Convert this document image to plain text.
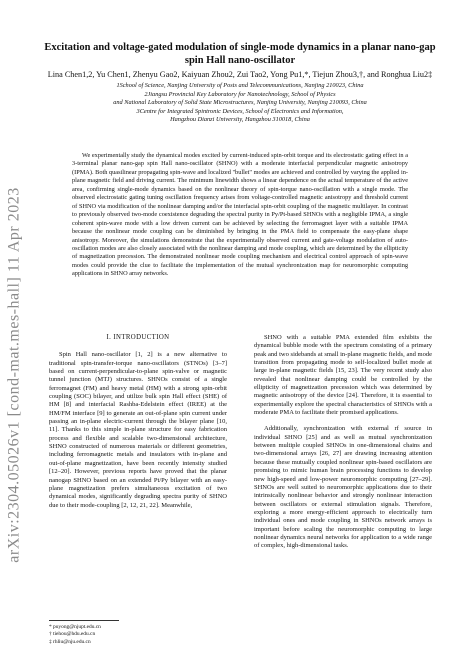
arXiv:2304.05026v1 [cond-mat.mes-hall] 11 Apr 2023
Excitation and voltage-gated modulation of single-mode dynamics in a planar nano-gap spin Hall nano-oscillator
Lina Chen1,2, Yu Chen1, Zhenyu Gao2, Kaiyuan Zhou2, Zui Tao2, Yong Pu1,*, Tiejun Zhou3,†, and Ronghua Liu2‡
1School of Science, Nanjing University of Posts and Telecommunications, Nanjing 210023, China
2Jiangsu Provincial Key Laboratory for Nanotechnology, School of Physics
and National Laboratory of Solid State Microstructures, Nanjing University, Nanjing 210093, China
3Centre for Integrated Spintronic Devices, School of Electronics and Information,
Hangzhou Dianzi University, Hangzhou 310018, China

We experimentally study the dynamical modes excited by current-induced spin-orbit torque and its electrostatic gating effect in a 3-terminal planar nano-gap spin Hall nano-oscillator (SHNO) with a moderate interfacial perpendicular magnetic anisotropy (IPMA). Both quasilinear propagating spin-wave and localized "bullet" modes are achieved and controlled by varying the applied in-plane magnetic field and driving current. The minimum linewidth shows a linear dependence on the actual temperature of the active area, confirming single-mode dynamics based on the nonlinear theory of spin-torque nano-oscillation with a single mode. The observed electrostatic gating tuning oscillation frequency arises from voltage-controlled magnetic anisotropy and threshold current of SHNO via modification of the nonlinear damping and/or the interfacial spin-orbit coupling of the magnetic multilayer. In contrast to previously observed two-mode coexistence degrading the spectral purity in Py/Pt-based SHNOs with a negligible IPMA, a single coherent spin-wave mode with a low driven current can be achieved by selecting the ferromagnet layer with a suitable IPMA because the nonlinear mode coupling can be diminished by bringing in the PMA field to compensate the easy-plane shape anisotropy. Moreover, the simulations demonstrate that the experimentally observed current and gate-voltage modulation of auto-oscillation modes are also closely associated with the nonlinear damping and mode coupling, which are determined by the ellipticity of magnetization precession. The demonstrated nonlinear mode coupling mechanism and electrical control approach of spin-wave modes could provide the clue to facilitate the implementation of the mutual synchronization map for neuromorphic computing applications in SHNO array networks.

I. INTRODUCTION

Spin Hall nano-oscillator [1, 2] is a new alternative to traditional spin-transfer-torque nano-oscillators (STNOs) [3–7] based on current-perpendicular-to-plane spin-valve or magnetic tunnel junction (MTJ) structures. SHNOs consist of a single ferromagnet (FM) and heavy metal (HM) with a strong spin-orbit coupling (SOC) bilayer, and utilize bulk spin Hall effect (SHE) of HM [8] and interfacial Rashba-Edelstein effect (IREE) at the HM/FM interface [9] to generate an out-of-plane spin current under passing an in-plane electric-current through the bilayer plane [10, 11]. Thanks to this simple in-plane structure for easy fabrication process and flexible and scalable two-dimensional architecture, SHNO constructed of numerous materials or different geometries, including ferromagnetic metals and insulators with in-plane and out-of-plane magnetization, have been recently intensity studied [12–20]. However, previous reports have proved that the planar nanogap SHNO based on an extended Pt/Py bilayer with an easy-plane magnetization prefers simultaneous excitation of two dynamical modes, significantly degrading spectra purity of SHNO due to their mode-coupling [2, 12, 21, 22]. Meanwhile,

SHNO with a suitable PMA extended film exhibits the dynamical bubble mode with the spectrum consisting of a primary peak and two sidebands at small in-plane magnetic fields, and mode transition from propagating mode to self-localized bullet mode at large in-plane magnetic fields [15, 23]. The very recent study also revealed that nonlinear damping could be controlled by the ellipticity of magnetization precession which was determined by magnetic anisotropy of the device [24]. Therefore, it is essential to experimentally explore the spectral characteristics of SHNOs with a moderate PMA to facilitate their promised applications.

Additionally, synchronization with external rf source in individual SHNO [25] and as well as mutual synchronization between multiple coupled SHNOs in one-dimensional chains and two-dimensional arrays [26, 27] are drawing increasing attention because these mutually coupled nonlinear spin-based oscillators are promising to mimic human brain processing functions to develop new high-speed and low-power neuromorphic computing [27–29]. SHNOs are well suited to neuromorphic applications due to their intrinsically nonlinear behavior and strongly nonlinear interaction between oscillators or external stimulation signals. Therefore, exploring a more energy-efficient approach to electrically turn individual ones and mode coupling in SHNOs network arrays is important before scaling the neuromorphic computing to large nonlinear dynamics neural networks for application to a wide range of complex, high-dimensional tasks.

* puyong@njupt.edu.cn
† tiehou@hdu.edu.cn
‡ rhliu@nju.edu.cn
